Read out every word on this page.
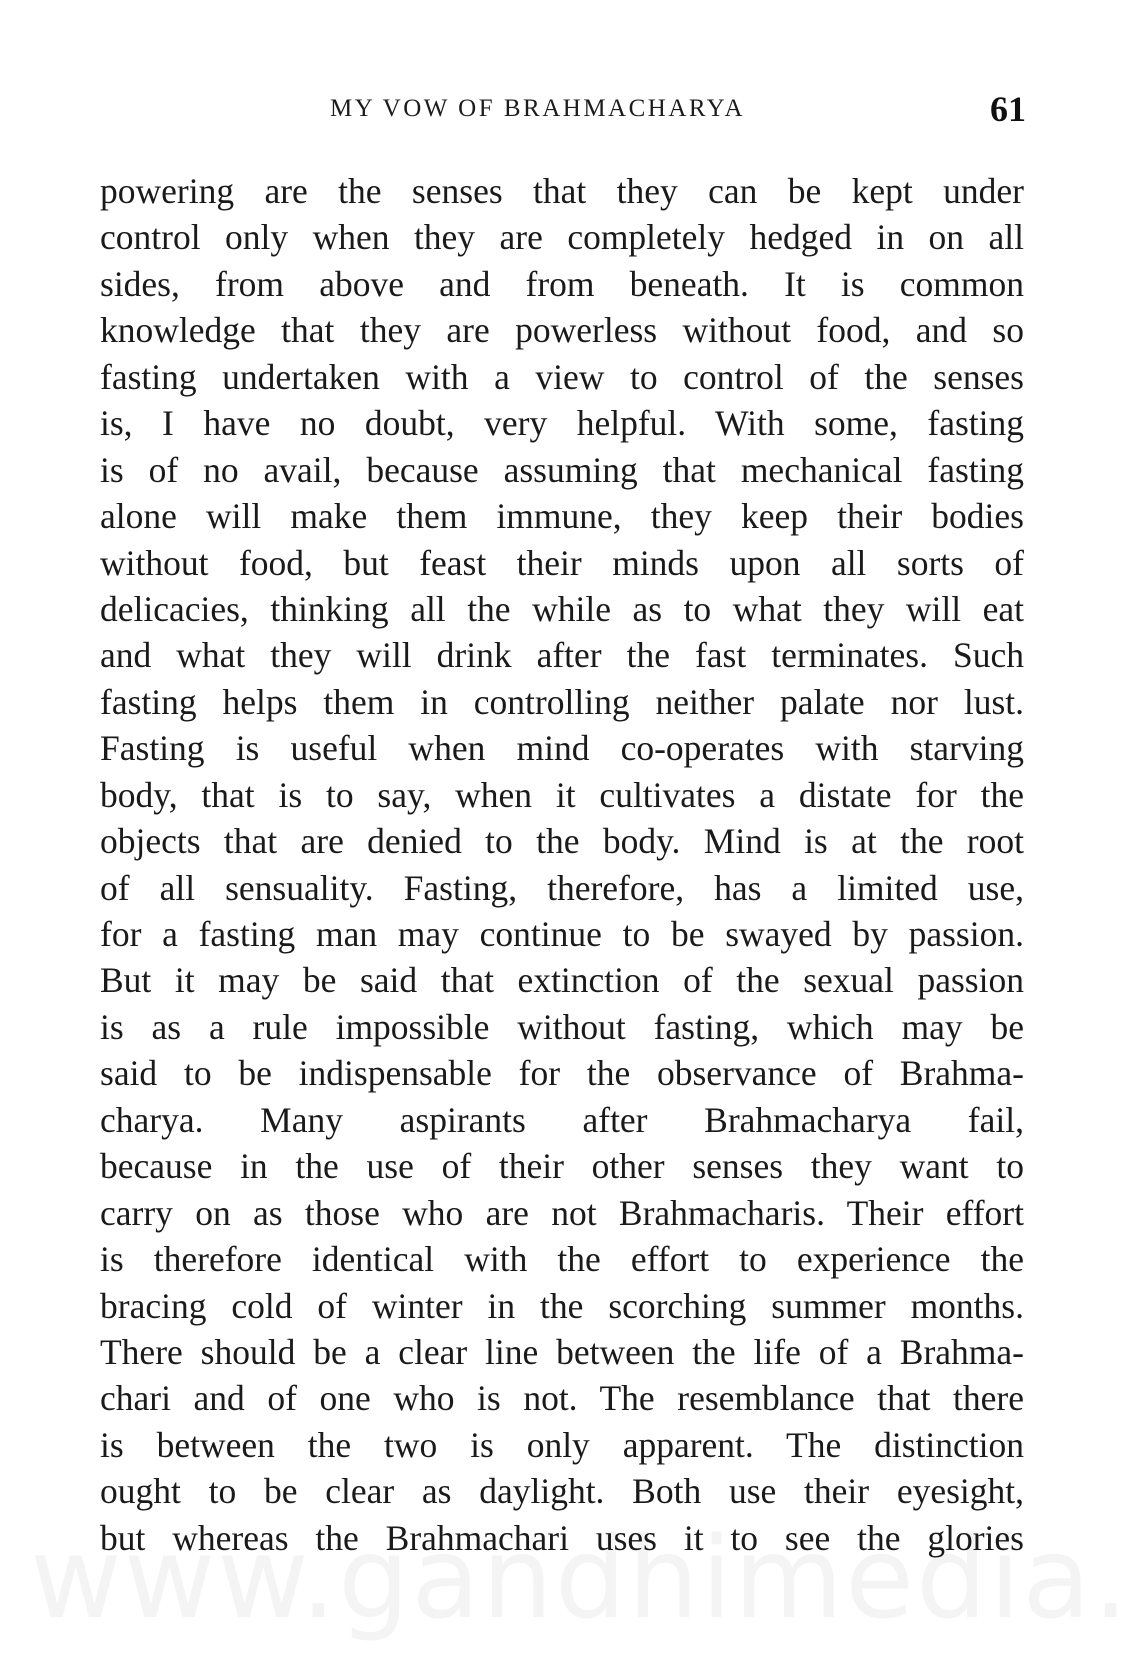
MY VOW OF BRAHMACHARYA	61
powering are the senses that they can be kept under
control only when they are completely hedged in on all
sides, from above and from beneath. It is common
knowledge that they are powerless without food, and so
fasting undertaken with a view to control of the senses
is, I have no doubt, very helpful. With some, fasting
is of no avail, because assuming that mechanical fasting
alone will make them immune, they keep their bodies
without food, but feast their minds upon all sorts of
delicacies, thinking all the while as to what they will eat
and what they will drink after the fast terminates. Such
fasting helps them in controlling neither palate nor lust.
Fasting is useful when mind co-operates with starving
body, that is to say, when it cultivates a distate for the
objects that are denied to the body. Mind is at the root
of all sensuality. Fasting, therefore, has a limited use,
for a fasting man may continue to be swayed by passion.
But it may be said that extinction of the sexual passion
is as a rule impossible without fasting, which may be
said to be indispensable for the observance of Brahma-
charya. Many aspirants after Brahmacharya fail,
because in the use of their other senses they want to
carry on as those who are not Brahmacharis. Their effort
is therefore identical with the effort to experience the
bracing cold of winter in the scorching summer months.
There should be a clear line between the life of a Brahma-
chari and of one who is not. The resemblance that there
is between the two is only apparent. The distinction
ought to be clear as daylight. Both use their eyesight,
but whereas the Brahmachari uses it to see the glories
